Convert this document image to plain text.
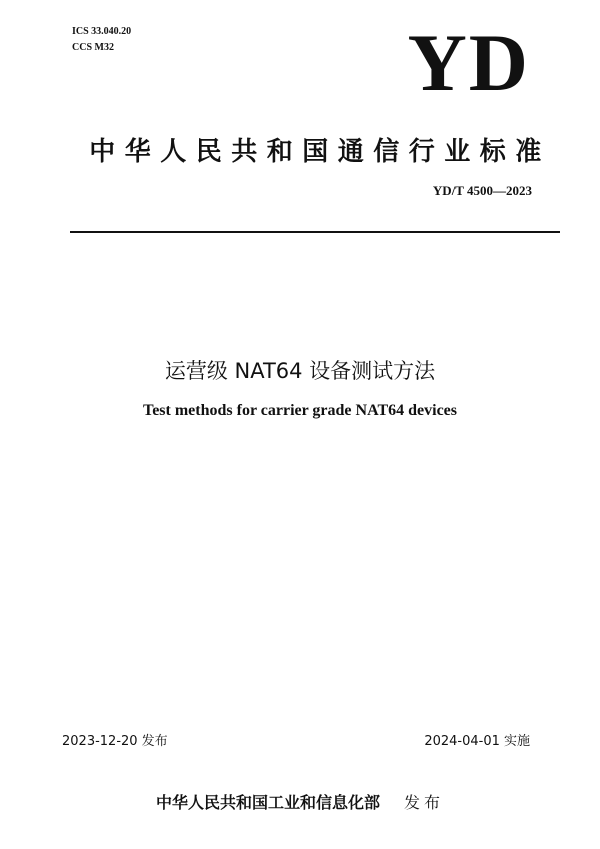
ICS 33.040.20
CCS M32	YD
中华人民共和国通信行业标准
YD/T 4500—2023
运营级 NAT64 设备测试方法
Test methods for carrier grade NAT64 devices
2023-12-20 发布	2024-04-01 实施
中华人民共和国工业和信息化部 发布
